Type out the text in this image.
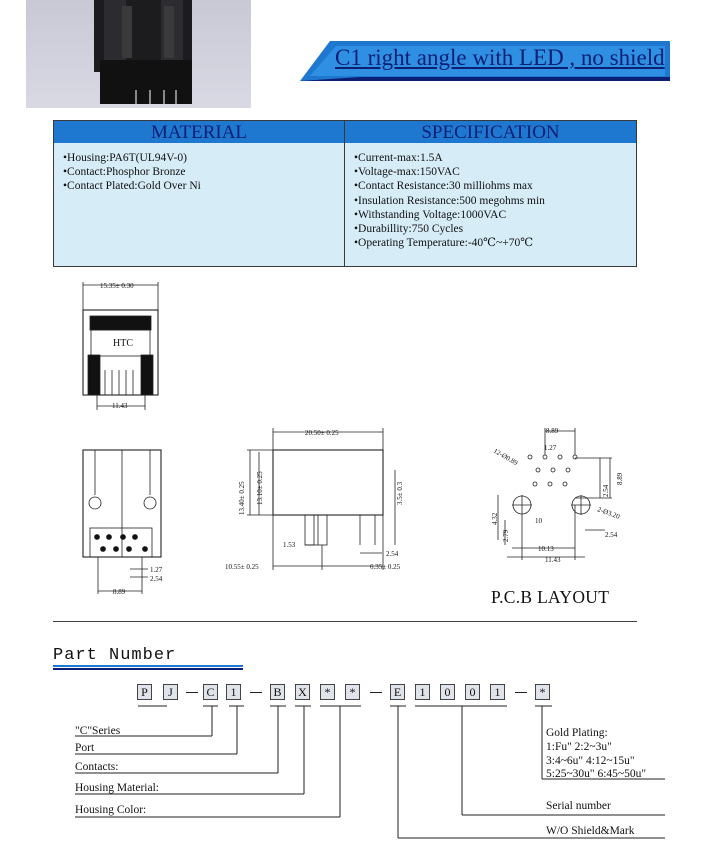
C1 right angle with LED , no shield
MATERIAL	SPECIFICATION
• Housing:PA6T(UL94V-0)
• Contact:Phosphor Bronze
• Contact Plated:Gold Over Ni
• Current-max:1.5A
• Voltage-max:150VAC
• Contact Resistance:30 milliohms max
• Insulation Resistance:500 megohms min
• Withstanding Voltage:1000VAC
• Durabillity:750 Cycles
• Operating Temperature:-40℃~+70℃
15.35± 0.30
HTC
11.43
20.50± 0.25
13.40± 0.25 13.10± 0.25	3.5± 0.3
1.53
2.54
10.55± 0.25	6.35± 0.25
1.27
2.54
8.89
8.89
1.27
12-Ø0.89
2.54
8.89
4.32
2.79
10
2-Ø3.20
10.13
2.54
11.43
P.C.B LAYOUT
Part Number
P	J	C	1	B X	*	*	E	1	0	0	1	*
"C"Series
Port
Contacts:
Housing Material:
Housing Color:
Gold Plating:
1:Fu" 2:2~3u"
3:4~6u" 4:12~15u"
5:25~30u" 6:45~50u"
Serial number
W/O Shield&Mark
